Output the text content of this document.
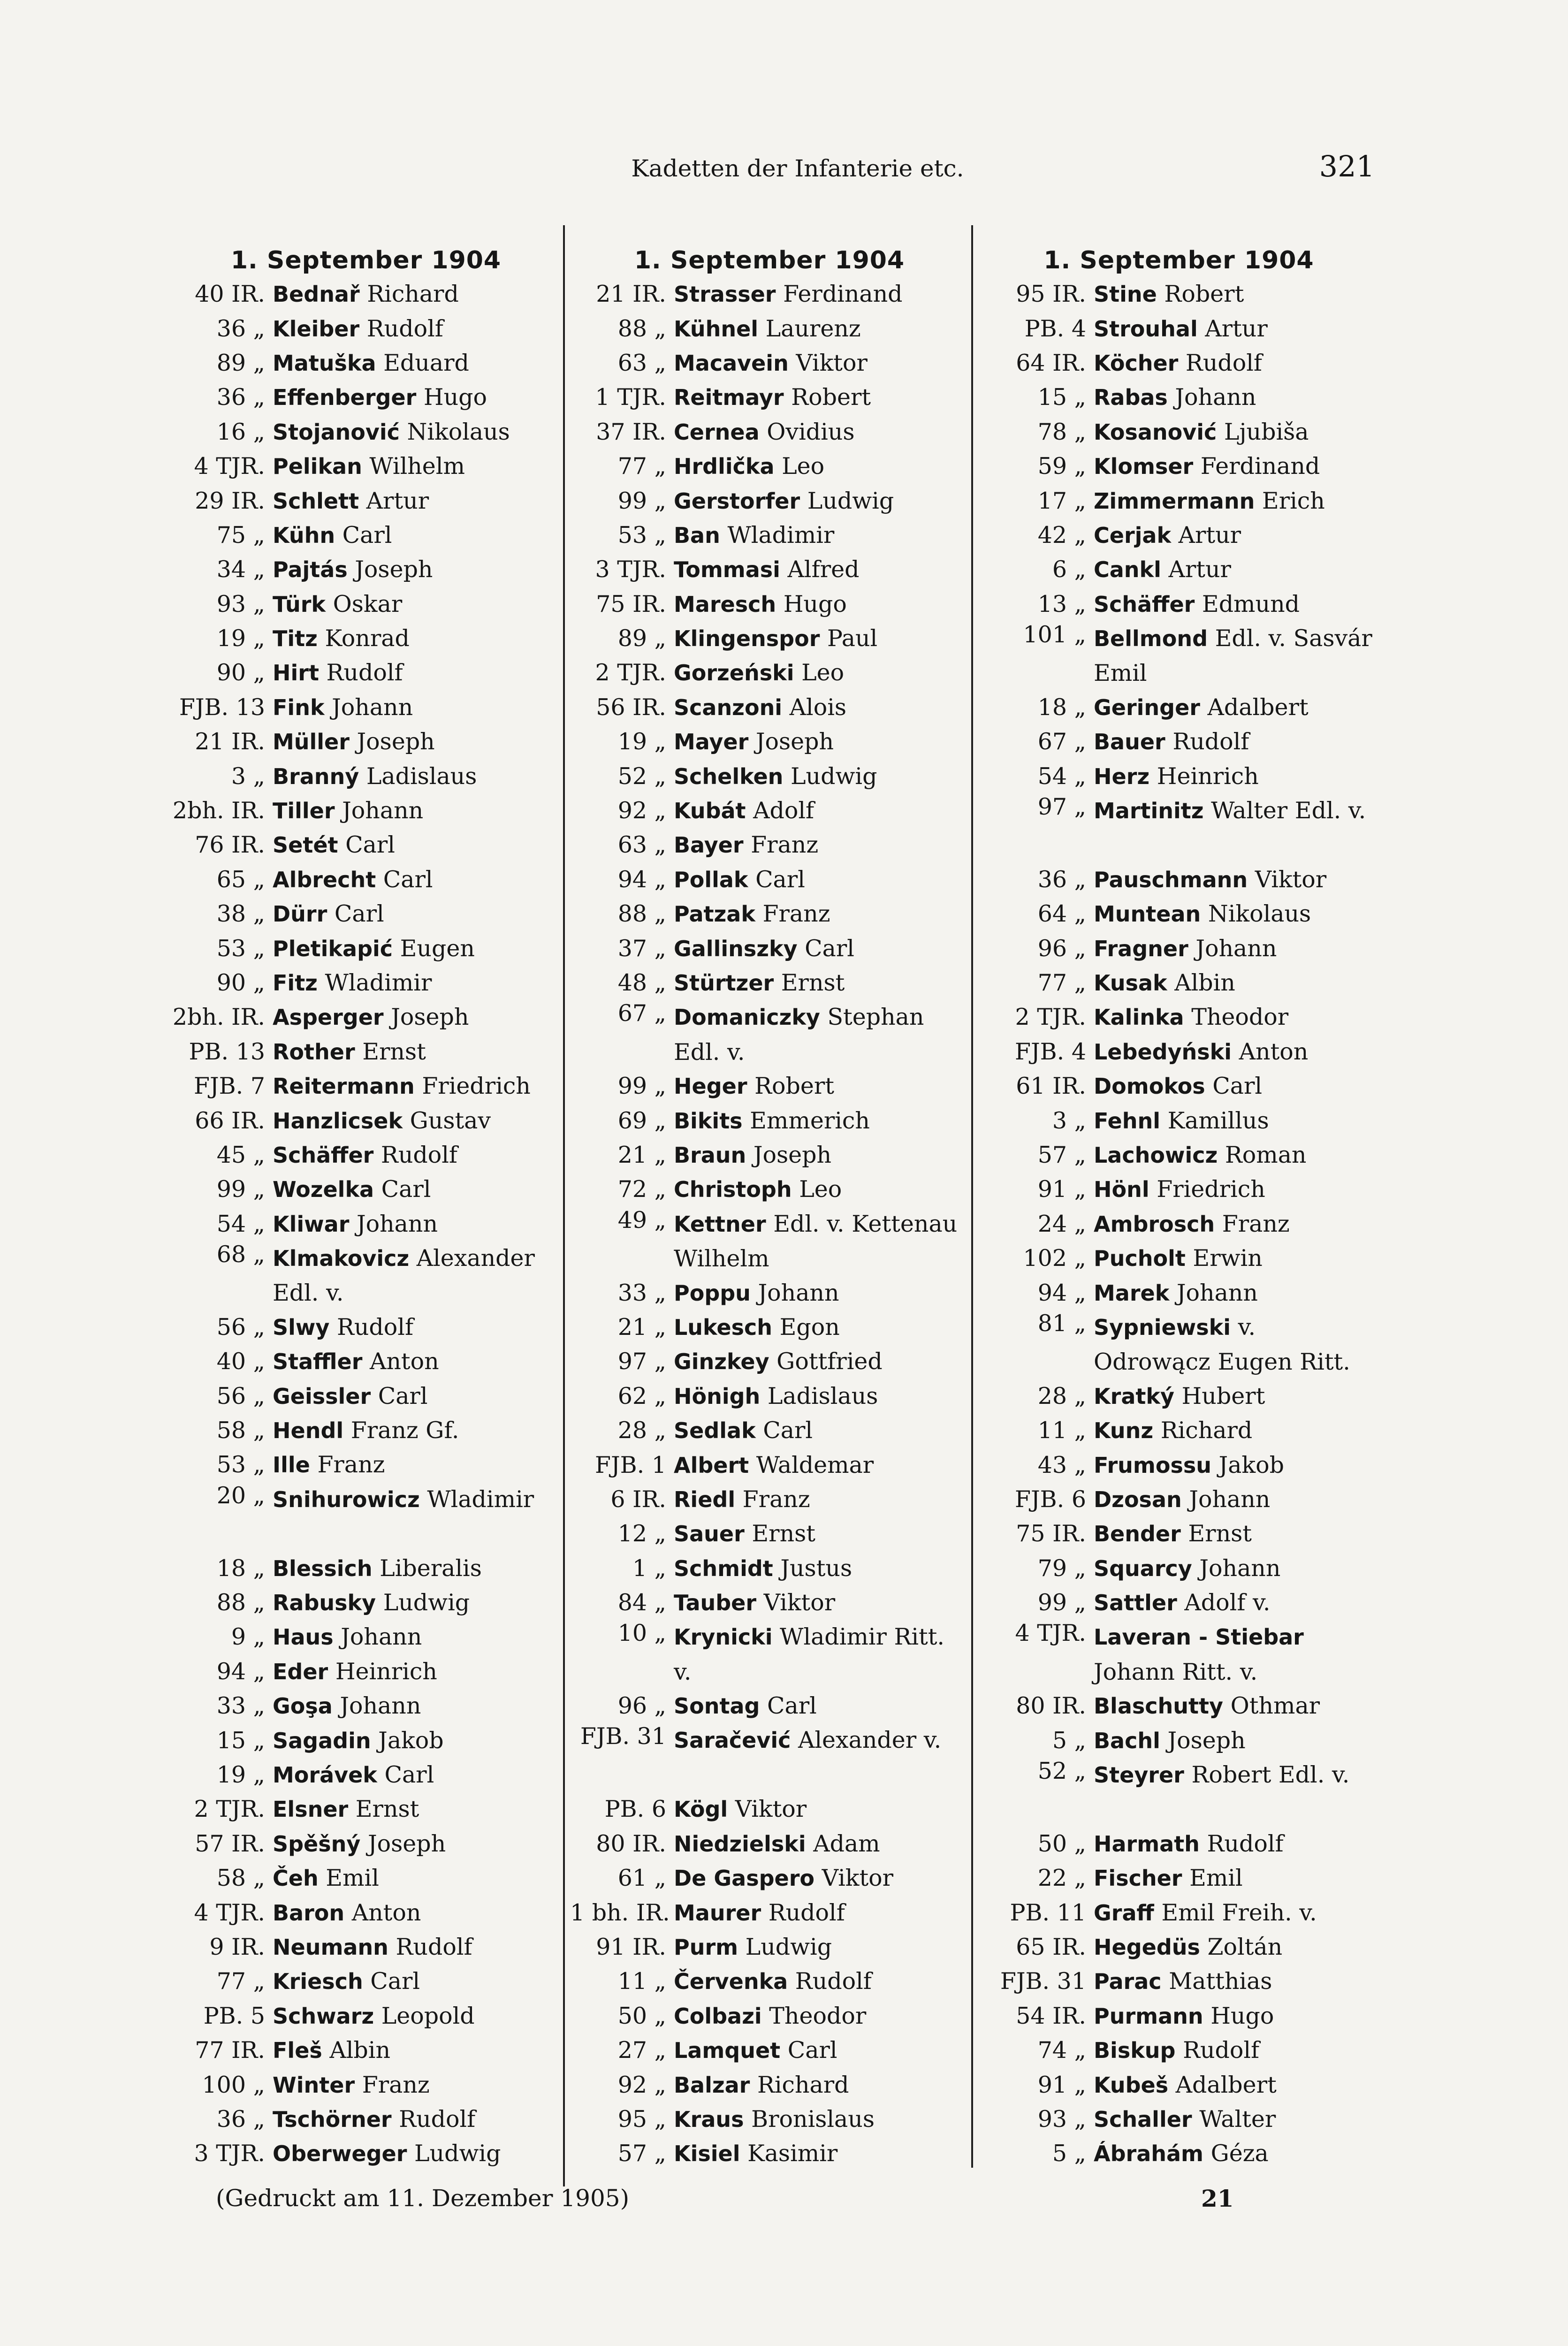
Kadetten der Infanterie etc.	321
1. September 1904
40 IR. Bednař Richard
36 „ Kleiber Rudolf
89 „ Matuška Eduard
36 „ Effenberger Hugo
16 „ Stojanović Nikolaus
4 TJR. Pelikan Wilhelm
29 IR. Schlett Artur
75 „ Kühn Carl
34 „ Pajtás Joseph
93 „ Türk Oskar
19 „ Titz Konrad
90 „ Hirt Rudolf
FJB. 13 Fink Johann
21 IR. Müller Joseph
3 „ Branný Ladislaus
2bh. IR. Tiller Johann
76 IR. Setét Carl
65 „ Albrecht Carl
38 „ Dürr Carl
53 „ Pletikapić Eugen
90 „ Fitz Wladimir
2bh. IR. Asperger Joseph
PB. 13 Rother Ernst
FJB. 7 Reitermann Friedrich
66 IR. Hanzlicsek Gustav
45 „ Schäffer Rudolf
99 „ Wozelka Carl
54 „ Kliwar Johann
68 „ Klmakovicz Alexander Edl. v.
56 „ Slwy Rudolf
40 „ Staffler Anton
56 „ Geissler Carl
58 „ Hendl Franz Gf.
53 „ Ille Franz
20 „ Snihurowicz Wladimir
18 „ Blessich Liberalis
88 „ Rabusky Ludwig
9 „ Haus Johann
94 „ Eder Heinrich
33 „ Goşa Johann
15 „ Sagadin Jakob
19 „ Morávek Carl
2 TJR. Elsner Ernst
57 IR. Spěšný Joseph
58 „ Čeh Emil
4 TJR. Baron Anton
9 IR. Neumann Rudolf
77 „ Kriesch Carl
PB. 5 Schwarz Leopold
77 IR. Fleš Albin
100 „ Winter Franz
36 „ Tschörner Rudolf
3 TJR. Oberweger Ludwig
1. September 1904
21 IR. Strasser Ferdinand
88 „ Kühnel Laurenz
63 „ Macavein Viktor
1 TJR. Reitmayr Robert
37 IR. Cernea Ovidius
77 „ Hrdlička Leo
99 „ Gerstorfer Ludwig
53 „ Ban Wladimir
3 TJR. Tommasi Alfred
75 IR. Maresch Hugo
89 „ Klingenspor Paul
2 TJR. Gorzeński Leo
56 IR. Scanzoni Alois
19 „ Mayer Joseph
52 „ Schelken Ludwig
92 „ Kubát Adolf
63 „ Bayer Franz
94 „ Pollak Carl
88 „ Patzak Franz
37 „ Gallinszky Carl
48 „ Stürtzer Ernst
67 „ Domaniczky Stephan Edl. v.
99 „ Heger Robert
69 „ Bikits Emmerich
21 „ Braun Joseph
72 „ Christoph Leo
49 „ Kettner Edl. v. Kettenau Wilhelm
33 „ Poppu Johann
21 „ Lukesch Egon
97 „ Ginzkey Gottfried
62 „ Hönigh Ladislaus
28 „ Sedlak Carl
FJB. 1 Albert Waldemar
6 IR. Riedl Franz
12 „ Sauer Ernst
1 „ Schmidt Justus
84 „ Tauber Viktor
10 „ Krynicki Wladimir Ritt. v.
96 „ Sontag Carl
FJB. 31 Saračević Alexander v.
PB. 6 Kögl Viktor
80 IR. Niedzielski Adam
61 „ De Gaspero Viktor
1 bh. IR. Maurer Rudolf
91 IR. Purm Ludwig
11 „ Červenka Rudolf
50 „ Colbazi Theodor
27 „ Lamquet Carl
92 „ Balzar Richard
95 „ Kraus Bronislaus
57 „ Kisiel Kasimir
1. September 1904
95 IR. Stine Robert
PB. 4 Strouhal Artur
64 IR. Köcher Rudolf
15 „ Rabas Johann
78 „ Kosanović Ljubiša
59 „ Klomser Ferdinand
17 „ Zimmermann Erich
42 „ Cerjak Artur
6 „ Cankl Artur
13 „ Schäffer Edmund
101 „ Bellmond Edl. v. Sasvár Emil
18 „ Geringer Adalbert
67 „ Bauer Rudolf
54 „ Herz Heinrich
97 „ Martinitz Walter Edl. v.
36 „ Pauschmann Viktor
64 „ Muntean Nikolaus
96 „ Fragner Johann
77 „ Kusak Albin
2 TJR. Kalinka Theodor
FJB. 4 Lebedyński Anton
61 IR. Domokos Carl
3 „ Fehnl Kamillus
57 „ Lachowicz Roman
91 „ Hönl Friedrich
24 „ Ambrosch Franz
102 „ Pucholt Erwin
94 „ Marek Johann
81 „ Sypniewski v. Odrowącz Eugen Ritt.
28 „ Kratký Hubert
11 „ Kunz Richard
43 „ Frumossu Jakob
FJB. 6 Dzosan Johann
75 IR. Bender Ernst
79 „ Squarcy Johann
99 „ Sattler Adolf v.
4 TJR. Laveran - Stiebar Johann Ritt. v.
80 IR. Blaschutty Othmar
5 „ Bachl Joseph
52 „ Steyrer Robert Edl. v.
50 „ Harmath Rudolf
22 „ Fischer Emil
PB. 11 Graff Emil Freih. v.
65 IR. Hegedüs Zoltán
FJB. 31 Parac Matthias
54 IR. Purmann Hugo
74 „ Biskup Rudolf
91 „ Kubeš Adalbert
93 „ Schaller Walter
5 „ Ábrahám Géza
(Gedruckt am 11. Dezember 1905)	21
